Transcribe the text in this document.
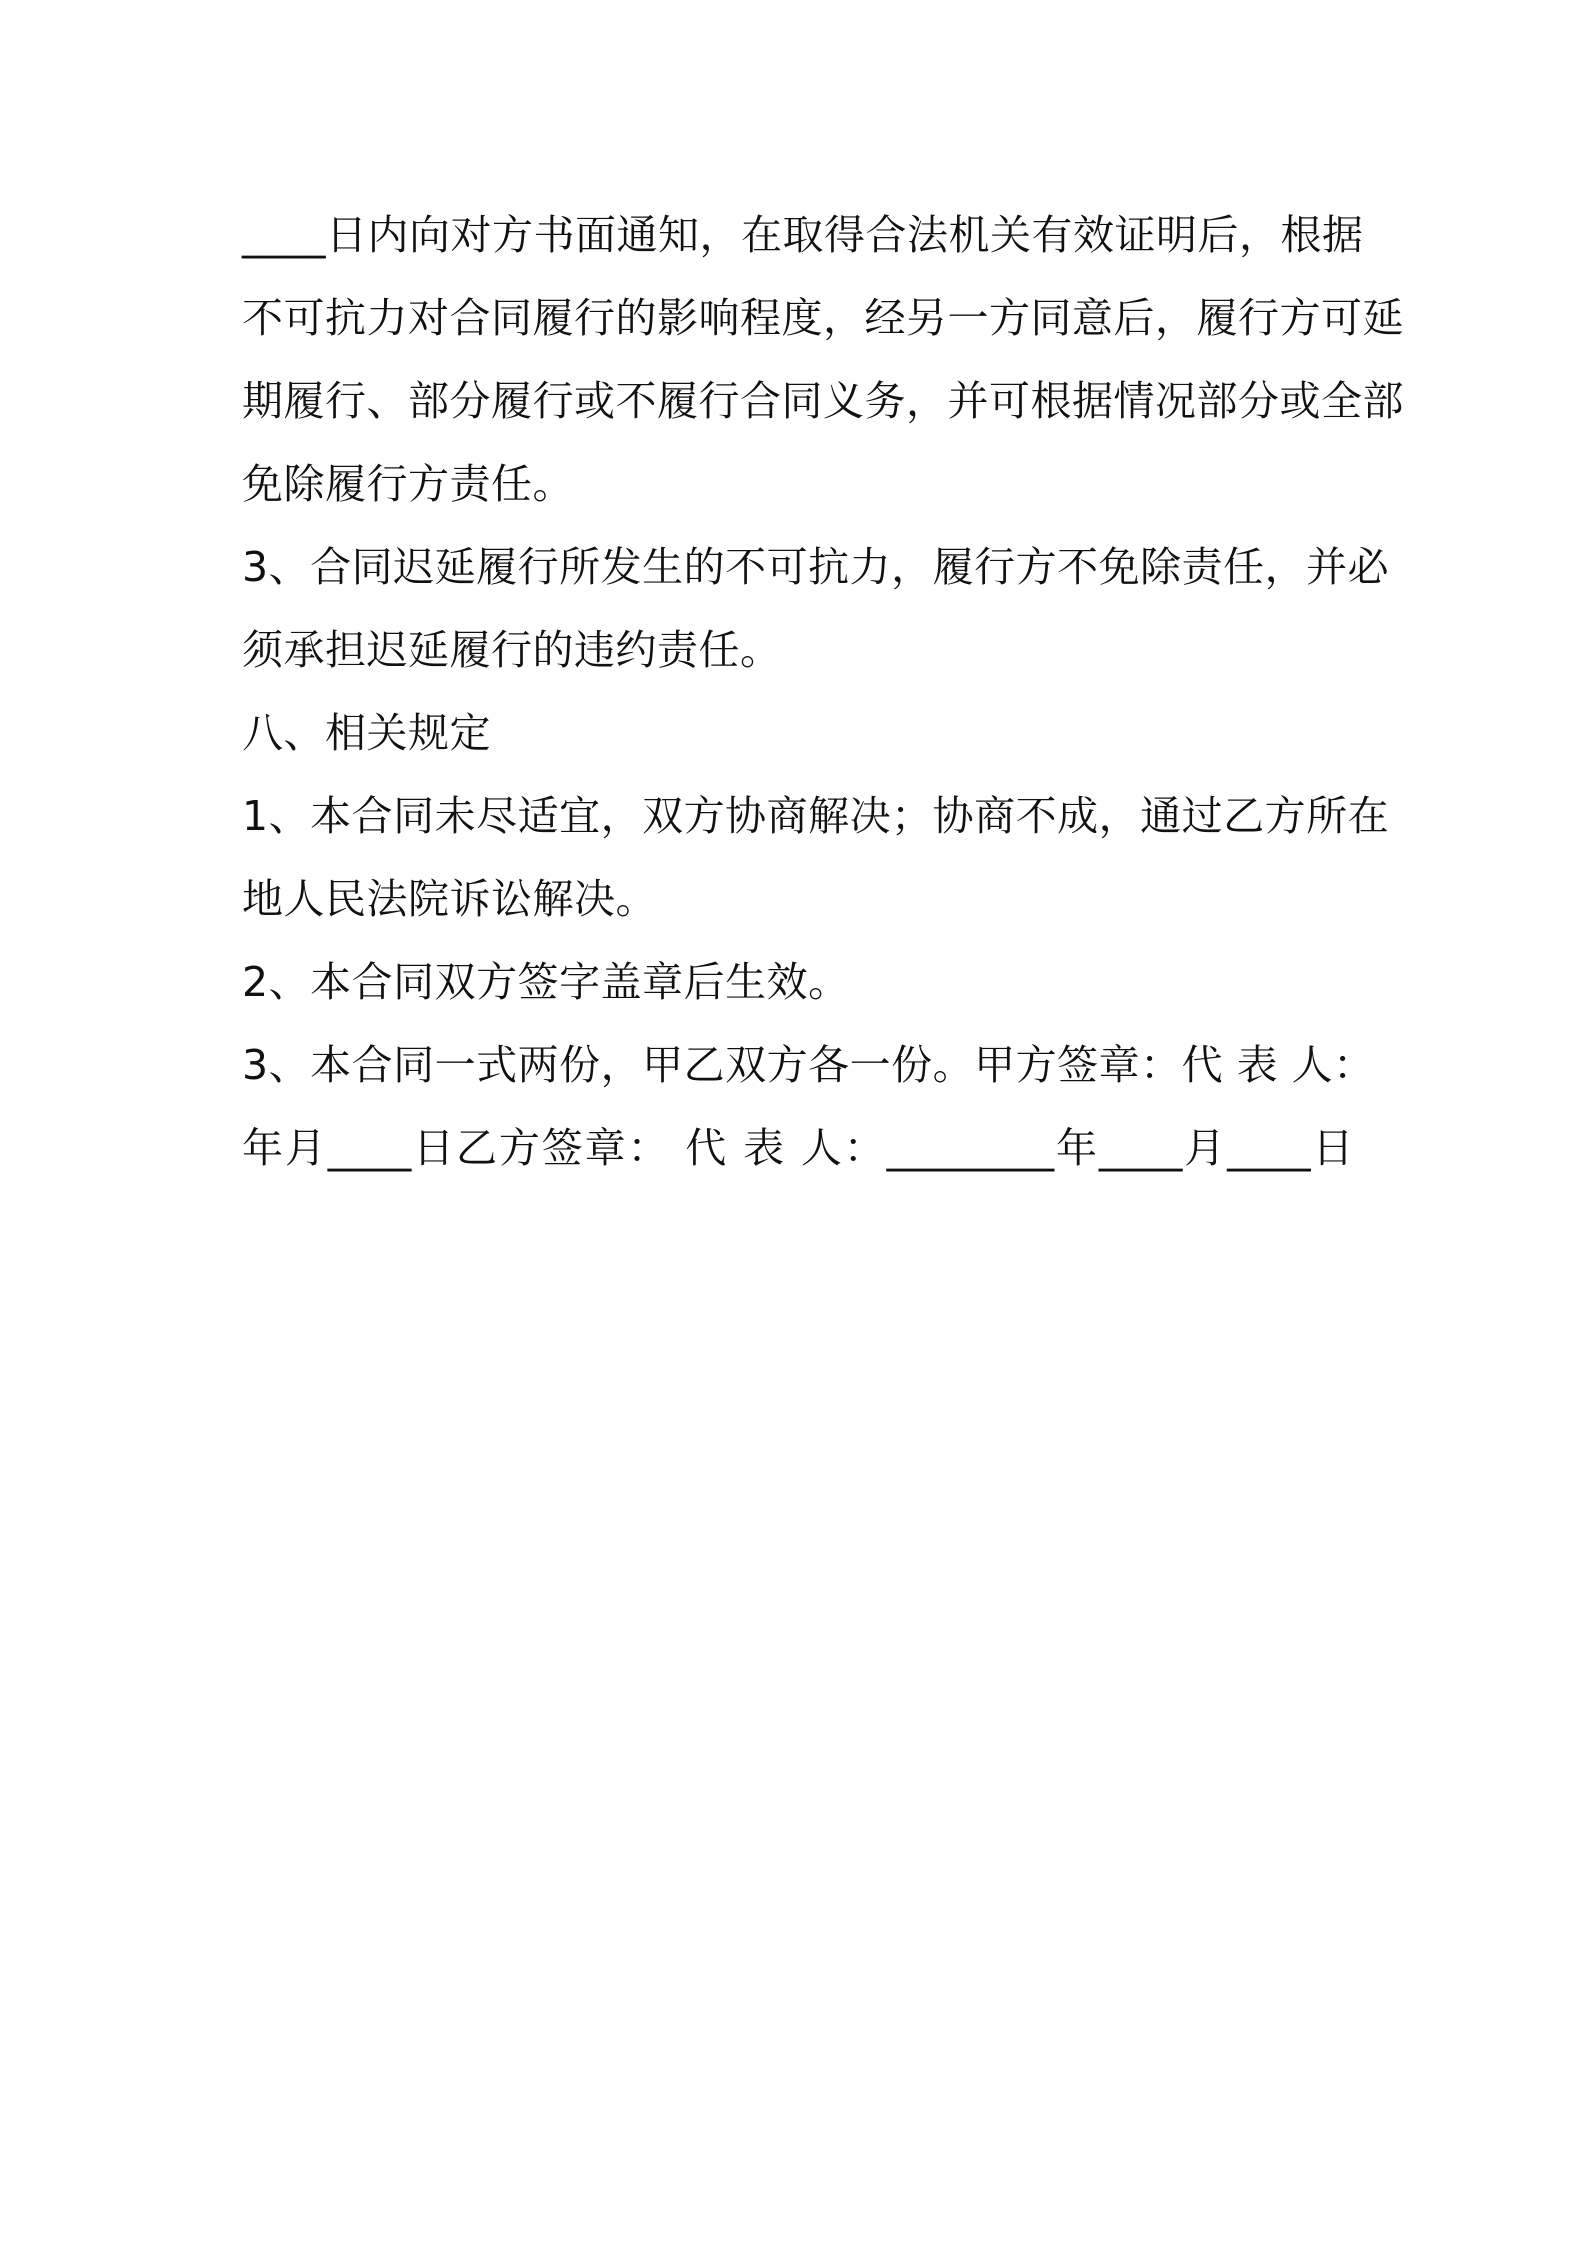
____日内向对方书面通知，在取得合法机关有效证明后，根据
不可抗力对合同履行的影响程度，经另一方同意后，履行方可延
期履行、部分履行或不履行合同义务，并可根据情况部分或全部
免除履行方责任。
3、合同迟延履行所发生的不可抗力，履行方不免除责任，并必
须承担迟延履行的违约责任。
八、相关规定
1、本合同未尽适宜，双方协商解决；协商不成，通过乙方所在
地人民法院诉讼解决。
2、本合同双方签字盖章后生效。
3、本合同一式两份，甲乙双方各一份。 甲方签章：代 表 人：
年月____日乙方签章： 代 表 人：________年____月____日
